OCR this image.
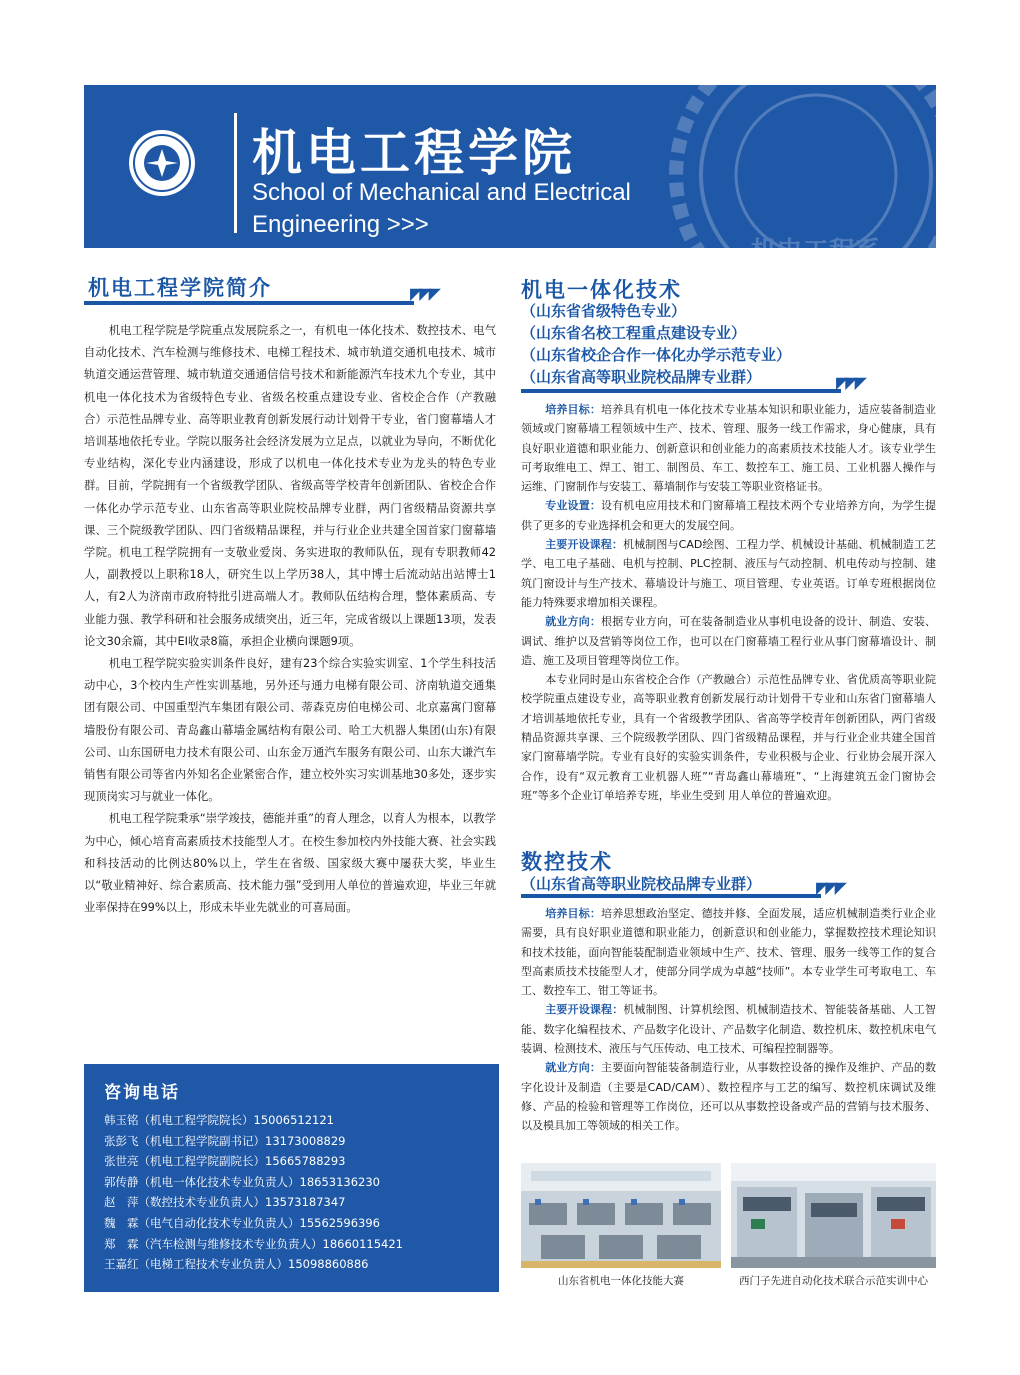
机电工程系
机电工程学院
School of Mechanical and Electrical Engineering >>>
机电工程学院简介	◤◤◤

机电工程学院是学院重点发展院系之一，有机电一体化技术、数控技术、电气自动化技术、汽车检测与维修技术、电梯工程技术、城市轨道交通机电技术、城市轨道交通运营管理、城市轨道交通通信信号技术和新能源汽车技术九个专业，其中机电一体化技术为省级特色专业、省级名校重点建设专业、省校企合作（产教融合）示范性品牌专业、高等职业教育创新发展行动计划骨干专业，省门窗幕墙人才培训基地依托专业。学院以服务社会经济发展为立足点，以就业为导向，不断优化专业结构，深化专业内涵建设，形成了以机电一体化技术专业为龙头的特色专业群。目前，学院拥有一个省级教学团队、省级高等学校青年创新团队、省校企合作一体化办学示范专业、山东省高等职业院校品牌专业群，两门省级精品资源共享课、三个院级教学团队、四门省级精品课程，并与行业企业共建全国首家门窗幕墙学院。机电工程学院拥有一支敬业爱岗、务实进取的教师队伍，现有专职教师42人，副教授以上职称18人，研究生以上学历38人，其中博士后流动站出站博士1人，有2人为济南市政府特批引进高端人才。教师队伍结构合理，整体素质高、专业能力强、教学科研和社会服务成绩突出，近三年，完成省级以上课题13项，发表论文30余篇，其中EI收录8篇，承担企业横向课题9项。

机电工程学院实验实训条件良好，建有23个综合实验实训室、1个学生科技活动中心，3个校内生产性实训基地，另外还与通力电梯有限公司、济南轨道交通集团有限公司、中国重型汽车集团有限公司、蒂森克房伯电梯公司、北京嘉寓门窗幕墙股份有限公司、青岛鑫山幕墙金属结构有限公司、哈工大机器人集团(山东)有限公司、山东国研电力技术有限公司、山东金万通汽车服务有限公司、山东大谦汽车销售有限公司等省内外知名企业紧密合作，建立校外实习实训基地30多处，逐步实现顶岗实习与就业一体化。

机电工程学院秉承“崇学竣技，德能并重”的育人理念，以育人为根本，以教学为中心，倾心培育高素质技术技能型人才。在校生参加校内外技能大赛、社会实践和科技活动的比例达80%以上，学生在省级、国家级大赛中屡获大奖，毕业生以“敬业精神好、综合素质高、技术能力强”受到用人单位的普遍欢迎，毕业三年就业率保持在99%以上，形成未毕业先就业的可喜局面。

咨询电话
韩玉铭（机电工程学院院长）15006512121
张彭飞（机电工程学院副书记）13173008829
张世亮（机电工程学院副院长）15665788293
郭传静（机电一体化技术专业负责人）18653136230
赵　萍（数控技术专业负责人）13573187347
魏　霖（电气自动化技术专业负责人）15562596396
郑　霖（汽车检测与维修技术专业负责人）18660115421
王嘉红（电梯工程技术专业负责人）15098860886
机电一体化技术
（山东省省级特色专业）
（山东省名校工程重点建设专业）
（山东省校企合作一体化办学示范专业）
（山东省高等职业院校品牌专业群）	◤◤◤

培养目标：培养具有机电一体化技术专业基本知识和职业能力，适应装备制造业领域或门窗幕墙工程领域中生产、技术、管理、服务一线工作需求，身心健康，具有良好职业道德和职业能力、创新意识和创业能力的高素质技术技能人才。该专业学生可考取维电工、焊工、钳工、制图员、车工、数控车工、施工员、工业机器人操作与运维、门窗制作与安装工、幕墙制作与安装工等职业资格证书。

专业设置：设有机电应用技术和门窗幕墙工程技术两个专业培养方向，为学生提供了更多的专业选择机会和更大的发展空间。

主要开设课程：机械制图与CAD绘图、工程力学、机械设计基础、机械制造工艺学、电工电子基础、电机与控制、PLC控制、液压与气动控制、机电传动与控制、建筑门窗设计与生产技术、幕墙设计与施工、项目管理、专业英语。订单专班根据岗位能力特殊要求增加相关课程。

就业方向：根据专业方向，可在装备制造业从事机电设备的设计、制造、安装、调试、维护以及营销等岗位工作，也可以在门窗幕墙工程行业从事门窗幕墙设计、制造、施工及项目管理等岗位工作。

本专业同时是山东省校企合作（产教融合）示范性品牌专业、省优质高等职业院校学院重点建设专业，高等职业教育创新发展行动计划骨干专业和山东省门窗幕墙人才培训基地依托专业，具有一个省级教学团队、省高等学校青年创新团队，两门省级精品资源共享课、三个院级教学团队、四门省级精品课程，并与行业企业共建全国首家门窗幕墙学院。专业有良好的实验实训条件，专业积极与企业、行业协会展开深入合作，设有“双元教育工业机器人班”“青岛鑫山幕墙班”、“上海建筑五金门窗协会班”等多个企业订单培养专班，毕业生受到 用人单位的普遍欢迎。

数控技术
（山东省高等职业院校品牌专业群）	◤◤◤

培养目标：培养思想政治坚定、德技并修、全面发展，适应机械制造类行业企业需要，具有良好职业道德和职业能力，创新意识和创业能力，掌握数控技术理论知识和技术技能，面向智能装配制造业领域中生产、技术、管理、服务一线等工作的复合型高素质技术技能型人才，使部分同学成为卓越“技师”。本专业学生可考取电工、车工、数控车工、钳工等证书。

主要开设课程：机械制图、计算机绘图、机械制造技术、智能装备基础、人工智能、数字化编程技术、产品数字化设计、产品数字化制造、数控机床、数控机床电气装调、检测技术、液压与气压传动、电工技术、可编程控制器等。

就业方向：主要面向智能装备制造行业，从事数控设备的操作及维护、产品的数字化设计及制造（主要是CAD/CAM）、数控程序与工艺的编写、数控机床调试及维修、产品的检验和管理等工作岗位，还可以从事数控设备或产品的营销与技术服务、以及模具加工等领域的相关工作。

山东省机电一体化技能大赛	西门子先进自动化技术联合示范实训中心
